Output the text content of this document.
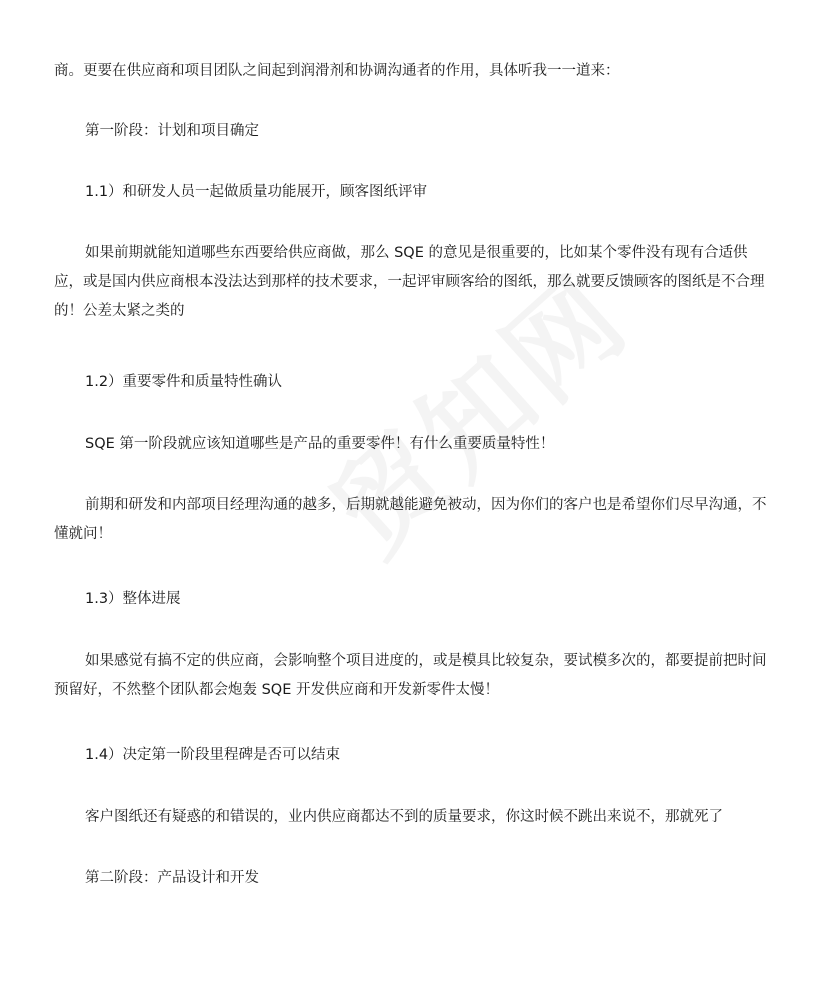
商。更要在供应商和项目团队之间起到润滑剂和协调沟通者的作用，具体听我一一道来：

第一阶段：计划和项目确定

1.1）和研发人员一起做质量功能展开，顾客图纸评审

如果前期就能知道哪些东西要给供应商做，那么 SQE 的意见是很重要的，比如某个零件没有现有合适供应，或是国内供应商根本没法达到那样的技术要求，一起评审顾客给的图纸，那么就要反馈顾客的图纸是不合理的！公差太紧之类的

1.2）重要零件和质量特性确认

SQE 第一阶段就应该知道哪些是产品的重要零件！有什么重要质量特性！

前期和研发和内部项目经理沟通的越多，后期就越能避免被动，因为你们的客户也是希望你们尽早沟通，不懂就问！

1.3）整体进展

如果感觉有搞不定的供应商，会影响整个项目进度的，或是模具比较复杂，要试模多次的，都要提前把时间预留好，不然整个团队都会炮轰 SQE 开发供应商和开发新零件太慢！

1.4）决定第一阶段里程碑是否可以结束

客户图纸还有疑惑的和错误的，业内供应商都达不到的质量要求，你这时候不跳出来说不，那就死了

第二阶段：产品设计和开发
